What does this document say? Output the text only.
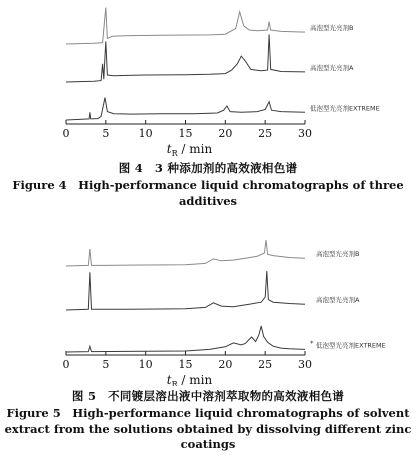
0	5	10 15 20 25 30
$t_R$ / min
高泡型光亮剂B
高泡型光亮剂A
低泡型光亮剂EXTREME
图 4　3 种添加剂的高效液相色谱
Figure 4　High-performance liquid chromatographs of three additives
0	5	10 15 20 25 30
$t_R$ / min
高泡型光亮剂B
高泡型光亮剂A
低泡型光亮剂EXTREME
*
图 5　不同镀层溶出液中溶剂萃取物的高效液相色谱
Figure 5　High-performance liquid chromatographs of solvent extract from the solutions obtained by dissolving different zinc coatings
